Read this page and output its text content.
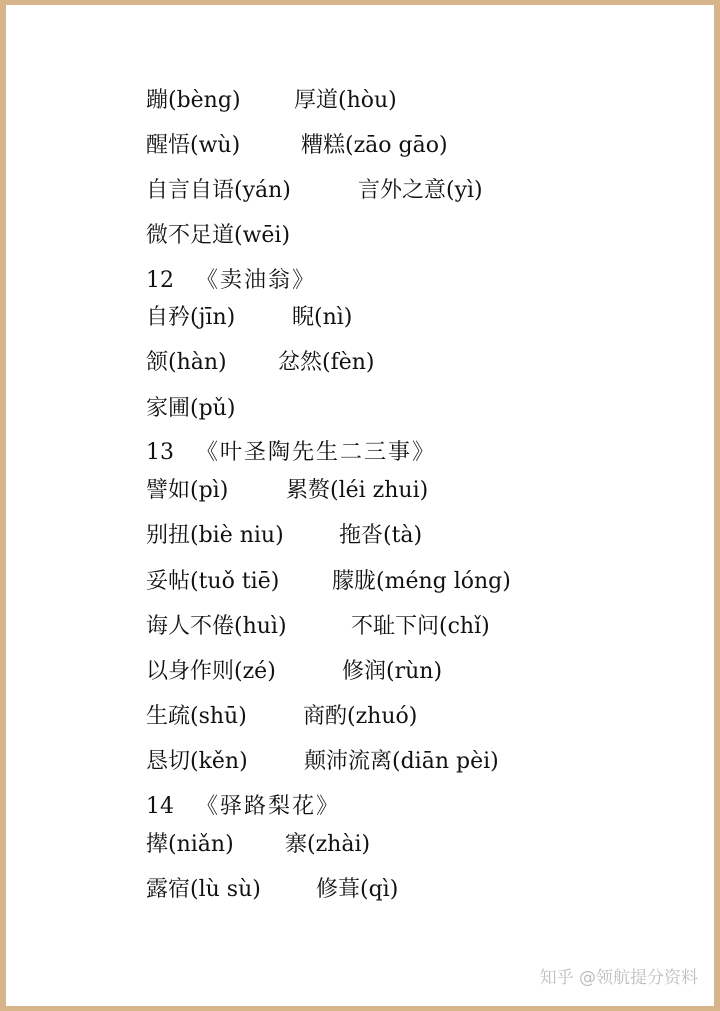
蹦(bèng) 厚道(hòu)
醒悟(wù)	糟糕(zāo gāo)
自言自语(yán)	言外之意(yì)
微不足道(wēi)
12 《卖油翁》
自矜(jīn)	睨(nì)
颔(hàn) 忿然(fèn)
家圃(pǔ)
13 《叶圣陶先生二三事》
譬如(pì)	累赘(léi zhui)
别扭(biè niu)	拖沓(tà)
妥帖(tuǒ tiē) 朦胧(méng lóng)
诲人不倦(huì)	不耻下问(chǐ)
以身作则(zé)	修润(rùn)
生疏(shū)	商酌(zhuó)
恳切(kěn)	颠沛流离(diān pèi)
14 《驿路梨花》
撵(niǎn) 寨(zhài)
露宿(lù sù)	修葺(qì)
知乎 @领航提分资料
